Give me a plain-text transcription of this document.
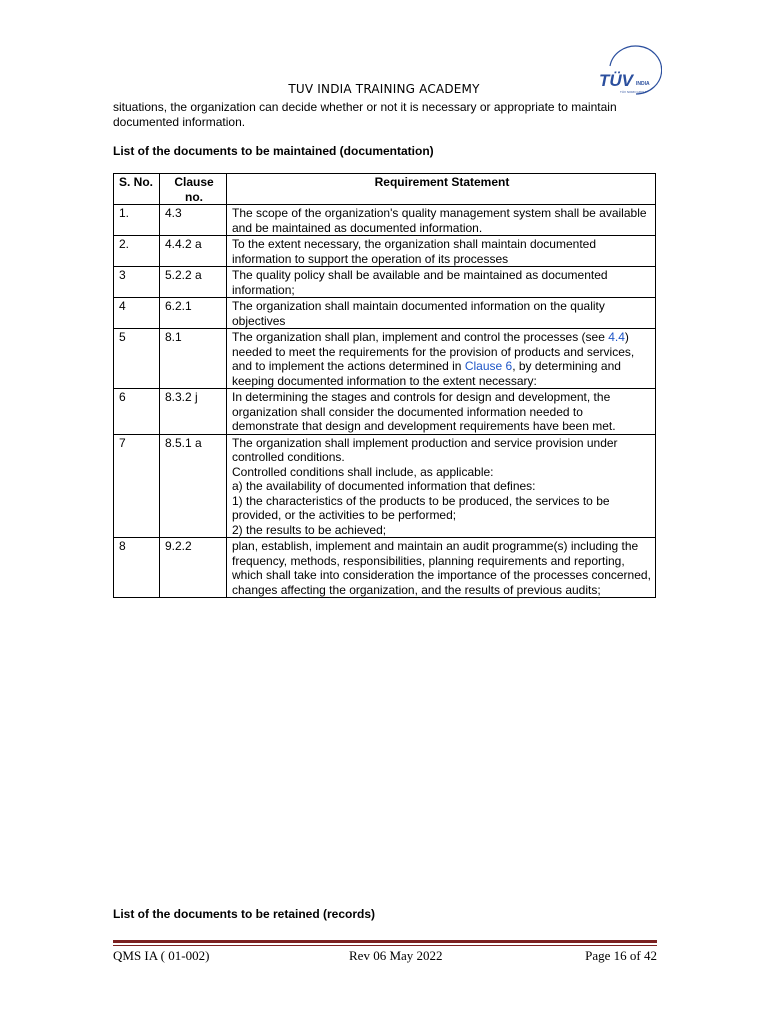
TUV INDIA TRAINING ACADEMY	TÜV INDIA
TÜV NORD GROUP
situations, the organization can decide whether or not it is necessary or appropriate to maintain documented information.
List of the documents to be maintained (documentation)
S. No.	Clause no.	Requirement Statement
1.	4.3	The scope of the organization's quality management system shall be available and be maintained as documented information.
2.	4.4.2 a	To the extent necessary, the organization shall maintain documented information to support the operation of its processes
3	5.2.2 a	The quality policy shall be available and be maintained as documented information;
4	6.2.1	The organization shall maintain documented information on the quality objectives
5	8.1	The organization shall plan, implement and control the processes (see 4.4) needed to meet the requirements for the provision of products and services, and to implement the actions determined in Clause 6, by determining and keeping documented information to the extent necessary:
6	8.3.2 j	In determining the stages and controls for design and development, the organization shall consider the documented information needed to demonstrate that design and development requirements have been met.
7	8.5.1 a	The organization shall implement production and service provision under controlled conditions.
Controlled conditions shall include, as applicable:
a) the availability of documented information that defines:
1) the characteristics of the products to be produced, the services to be provided, or the activities to be performed;
2) the results to be achieved;

8	9.2.2	plan, establish, implement and maintain an audit programme(s) including the frequency, methods, responsibilities, planning requirements and reporting, which shall take into consideration the importance of the processes concerned, changes affecting the organization, and the results of previous audits;
List of the documents to be retained (records)
QMS IA ( 01-002)	Rev 06 May 2022	Page 16 of 42
